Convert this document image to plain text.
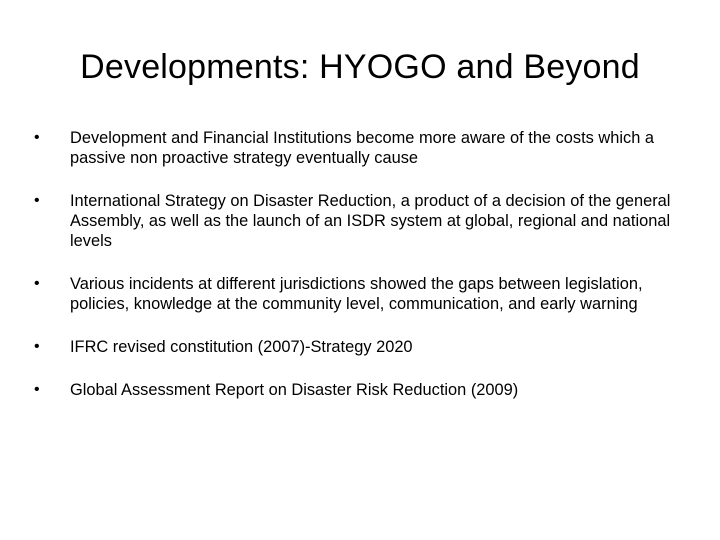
Developments: HYOGO and Beyond
•	Development and Financial Institutions become more aware of the costs which a passive non proactive strategy eventually cause
•	International Strategy on Disaster Reduction, a product of a decision of the general Assembly, as well as the launch of an ISDR system at global, regional and national levels
•	Various incidents at different jurisdictions showed the gaps between legislation, policies, knowledge at the community level, communication, and early warning
•	IFRC revised constitution (2007)-Strategy 2020
•	Global Assessment Report on Disaster Risk Reduction (2009)
